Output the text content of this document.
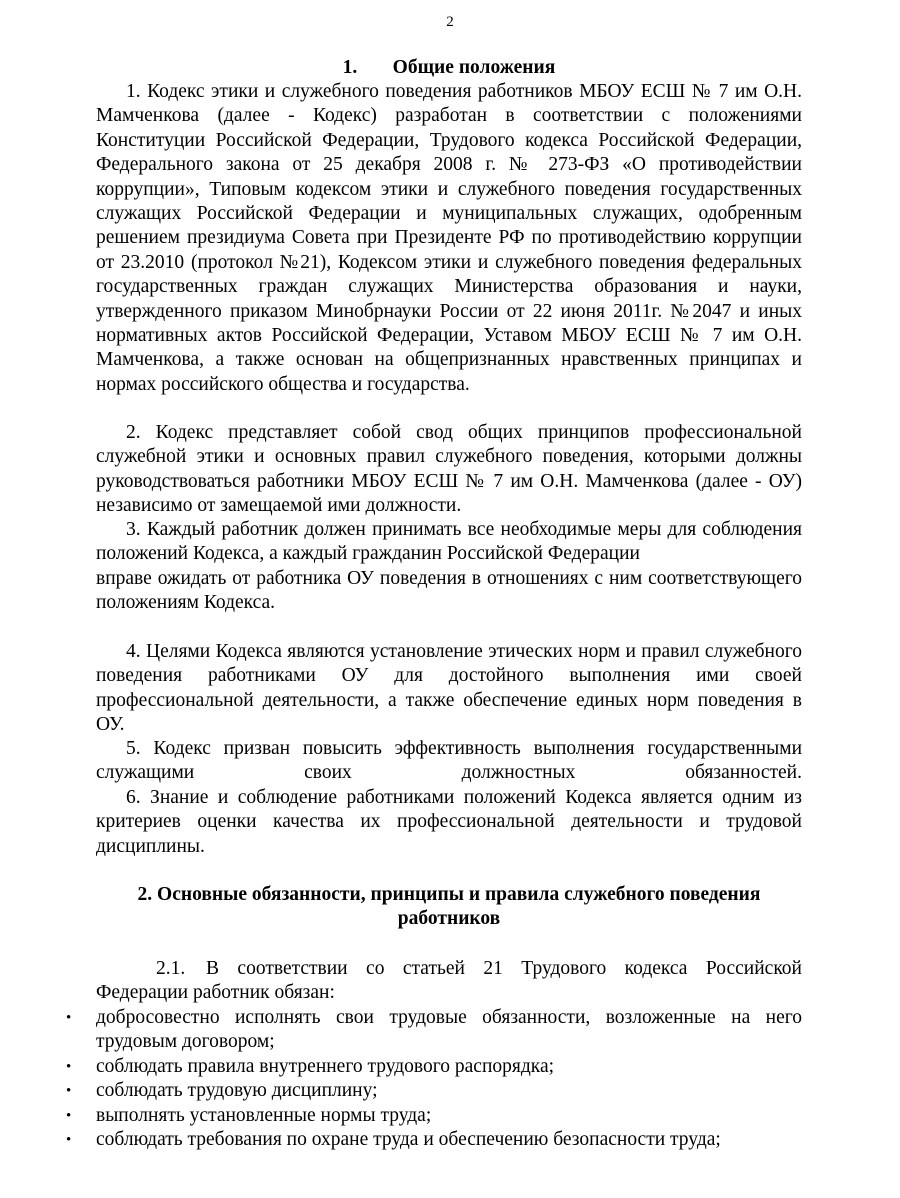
2
1. Общие положения

1. Кодекс этики и служебного поведения работников МБОУ ЕСШ № 7 им О.Н. Мамченкова (далее - Кодекс) разработан в соответствии с положениями Конституции Российской Федерации, Трудового кодекса Российской Федерации, Федерального закона от 25 декабря 2008 г. № 273-ФЗ «О противодействии коррупции», Типовым кодексом этики и служебного поведения государственных служащих Российской Федерации и муниципальных служащих, одобренным решением президиума Совета при Президенте РФ по противодействию коррупции от 23.2010 (протокол №21), Кодексом этики и служебного поведения федеральных государственных граждан служащих Министерства образования и науки, утвержденного приказом Минобрнауки России от 22 июня 2011г. №2047 и иных нормативных актов Российской Федерации, Уставом МБОУ ЕСШ № 7 им О.Н. Мамченкова, а также основан на общепризнанных нравственных принципах и нормах российского общества и государства.

2. Кодекс представляет собой свод общих принципов профессиональной служебной этики и основных правил служебного поведения, которыми должны руководствоваться работники МБОУ ЕСШ № 7 им О.Н. Мамченкова (далее - ОУ) независимо от замещаемой ими должности.

3. Каждый работник должен принимать все необходимые меры для соблюдения положений Кодекса, а каждый гражданин Российской Федерации
вправе ожидать от работника ОУ поведения в отношениях с ним соответствующего положениям Кодекса.

4. Целями Кодекса являются установление этических норм и правил служебного поведения работниками ОУ для достойного выполнения ими своей профессиональной деятельности, а также обеспечение единых норм поведения в ОУ.

5. Кодекс призван повысить эффективность выполнения государственными служащими своих должностных обязанностей.

6. Знание и соблюдение работниками положений Кодекса является одним из критериев оценки качества их профессиональной деятельности и трудовой дисциплины.

2. Основные обязанности, принципы и правила служебного поведения
работников

2.1. В соответствии со статьей 21 Трудового кодекса Российской Федерации работник обязан:

•	добросовестно исполнять свои трудовые обязанности, возложенные на него трудовым договором;
•	соблюдать правила внутреннего трудового распорядка;
•	соблюдать трудовую дисциплину;
•	выполнять установленные нормы труда;
•	соблюдать требования по охране труда и обеспечению безопасности труда;
